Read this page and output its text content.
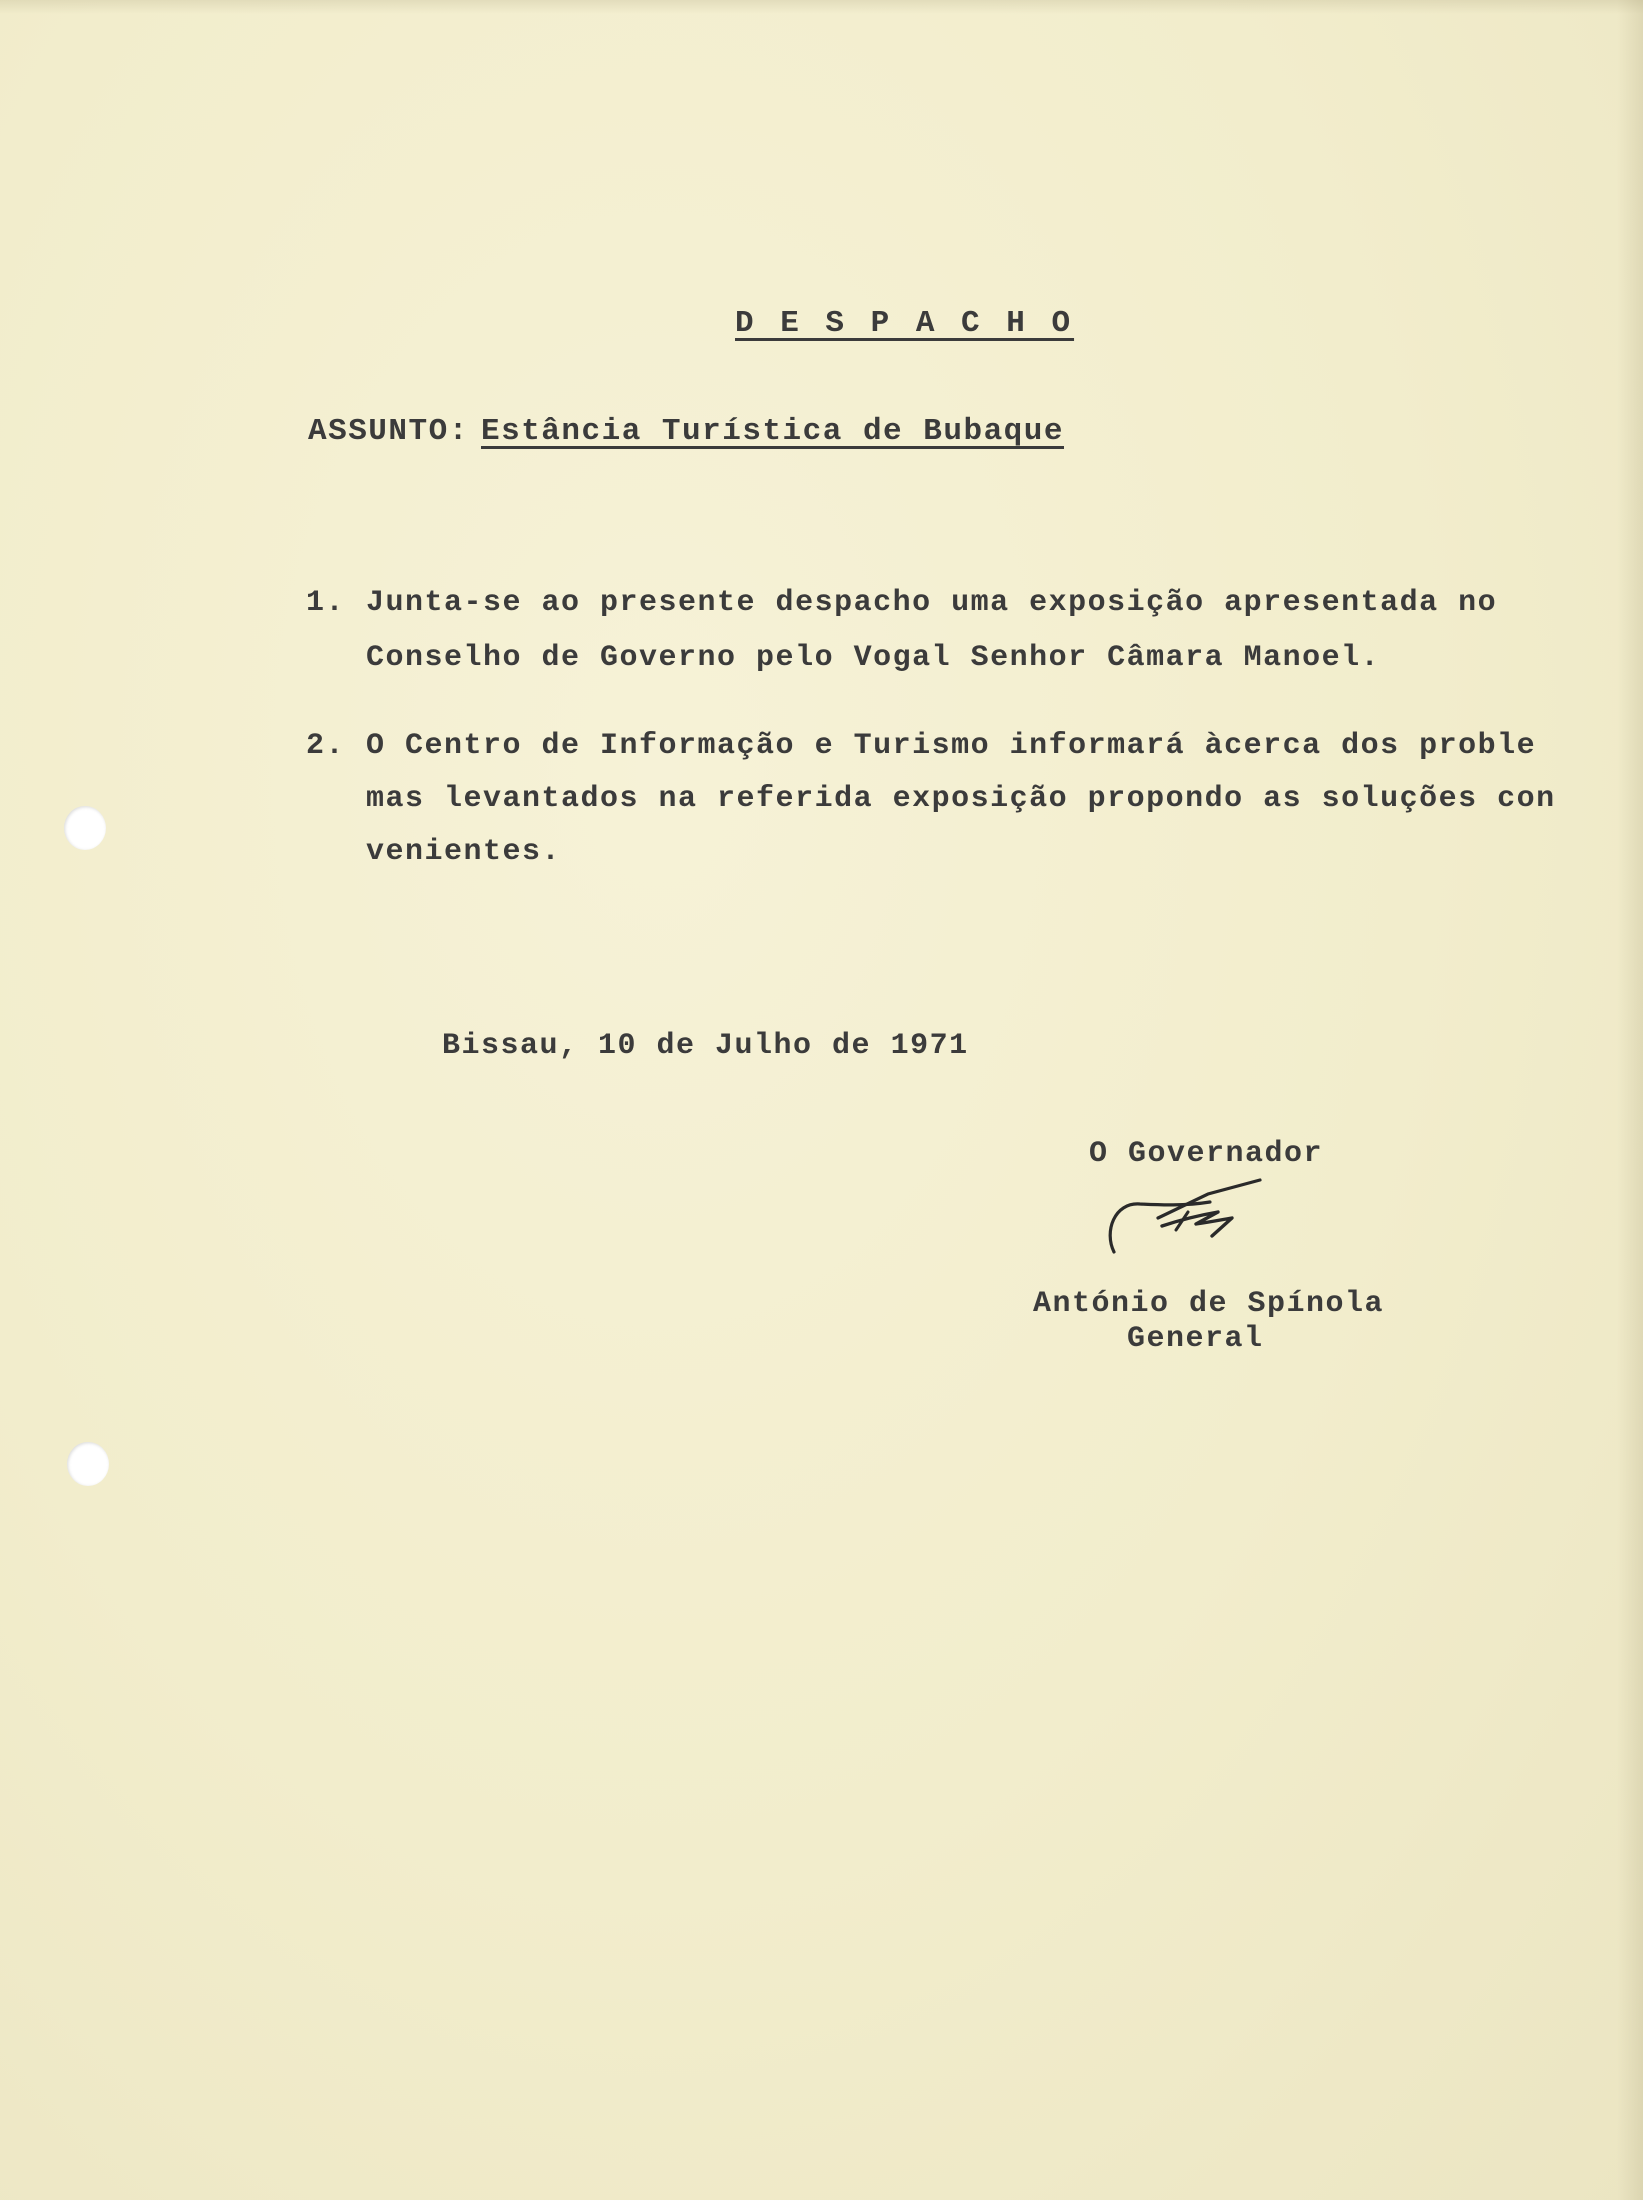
D E S P A C H O
ASSUNTO: Estância Turística de Bubaque
1. Junta-se ao presente despacho uma exposição apresentada no
Conselho de Governo pelo Vogal Senhor Câmara Manoel.
2. O Centro de Informação e Turismo informará àcerca dos proble
mas levantados na referida exposição propondo as soluções con
venientes.
Bissau, 10 de Julho de 1971
O Governador
António de Spínola
General
